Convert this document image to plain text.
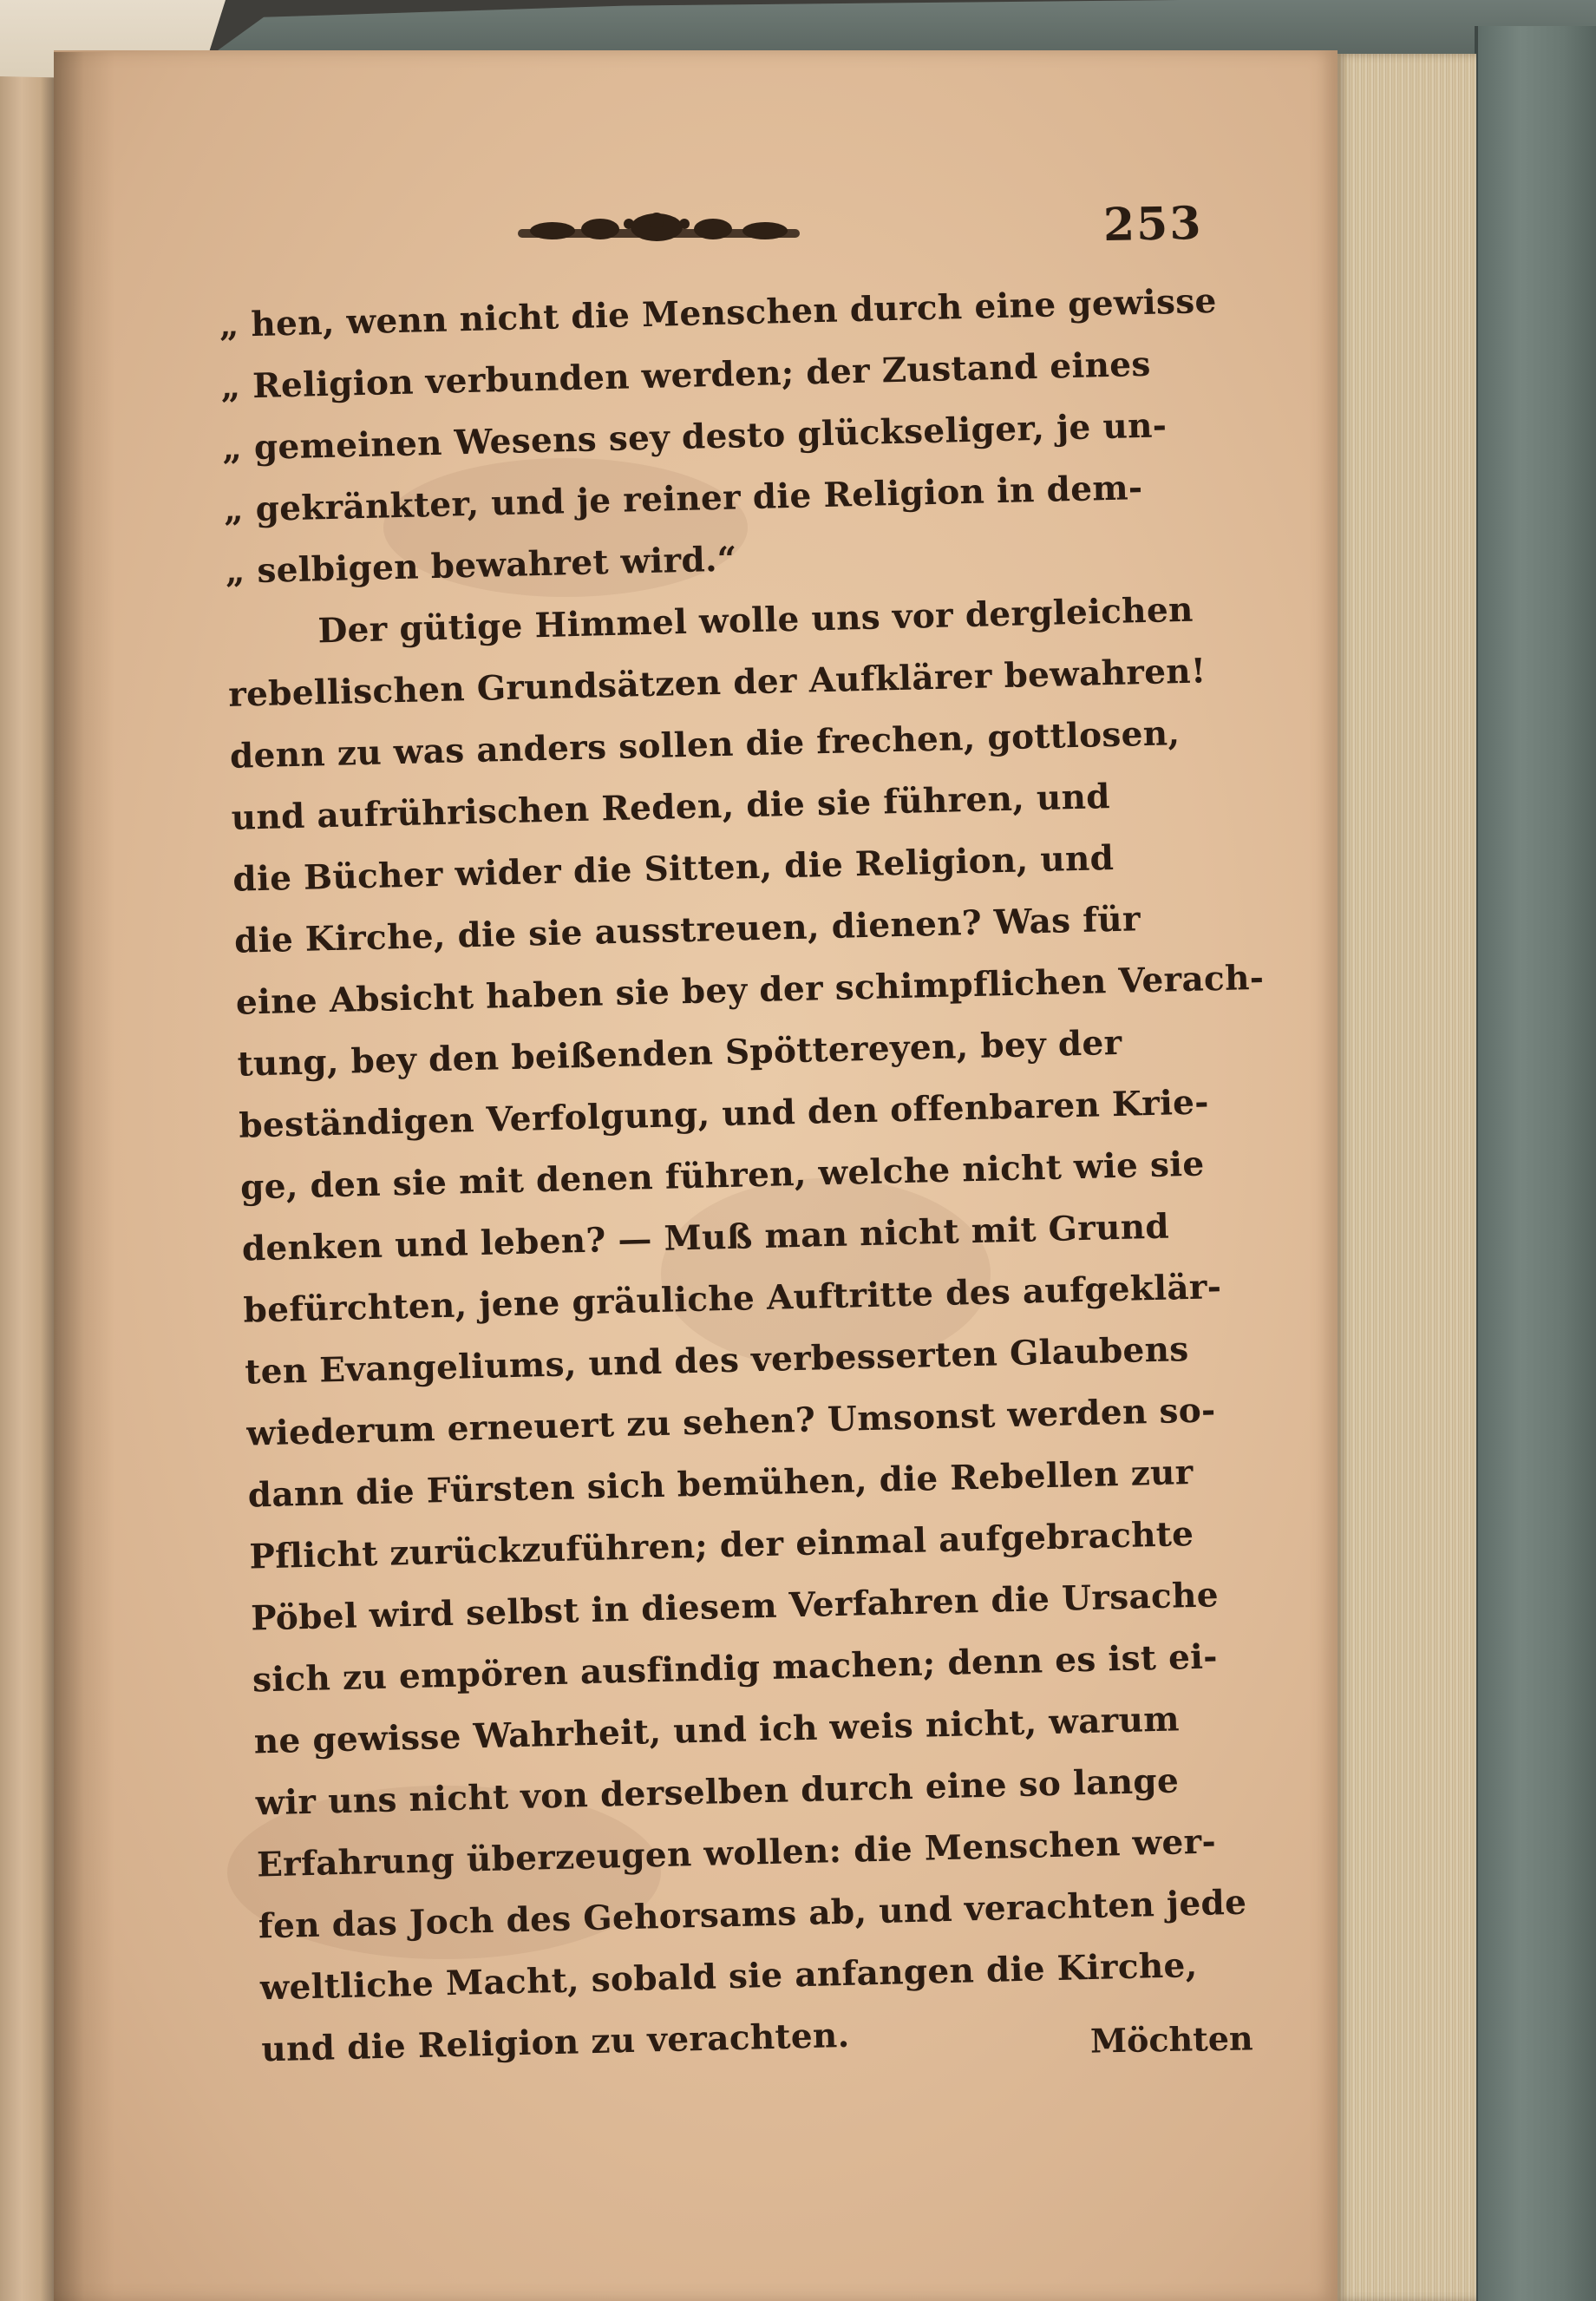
253
„ hen, wenn nicht die Menschen durch eine gewisse
„ Religion verbunden werden; der Zustand eines
„ gemeinen Wesens sey desto glückseliger, je un-
„ gekränkter, und je reiner die Religion in dem-
„ selbigen bewahret wird.“
Der gütige Himmel wolle uns vor dergleichen
rebellischen Grundsätzen der Aufklärer bewahren!
denn zu was anders sollen die frechen, gottlosen,
und aufrührischen Reden, die sie führen, und
die Bücher wider die Sitten, die Religion, und
die Kirche, die sie ausstreuen, dienen? Was für
eine Absicht haben sie bey der schimpflichen Verach-
tung, bey den beißenden Spöttereyen, bey der
beständigen Verfolgung, und den offenbaren Krie-
ge, den sie mit denen führen, welche nicht wie sie
denken und leben? — Muß man nicht mit Grund
befürchten, jene gräuliche Auftritte des aufgeklär-
ten Evangeliums, und des verbesserten Glaubens
wiederum erneuert zu sehen? Umsonst werden so-
dann die Fürsten sich bemühen, die Rebellen zur
Pflicht zurückzuführen; der einmal aufgebrachte
Pöbel wird selbst in diesem Verfahren die Ursache
sich zu empören ausfindig machen; denn es ist ei-
ne gewisse Wahrheit, und ich weis nicht, warum
wir uns nicht von derselben durch eine so lange
Erfahrung überzeugen wollen: die Menschen wer-
fen das Joch des Gehorsams ab, und verachten jede
weltliche Macht, sobald sie anfangen die Kirche,
und die Religion zu verachten.	Möchten
